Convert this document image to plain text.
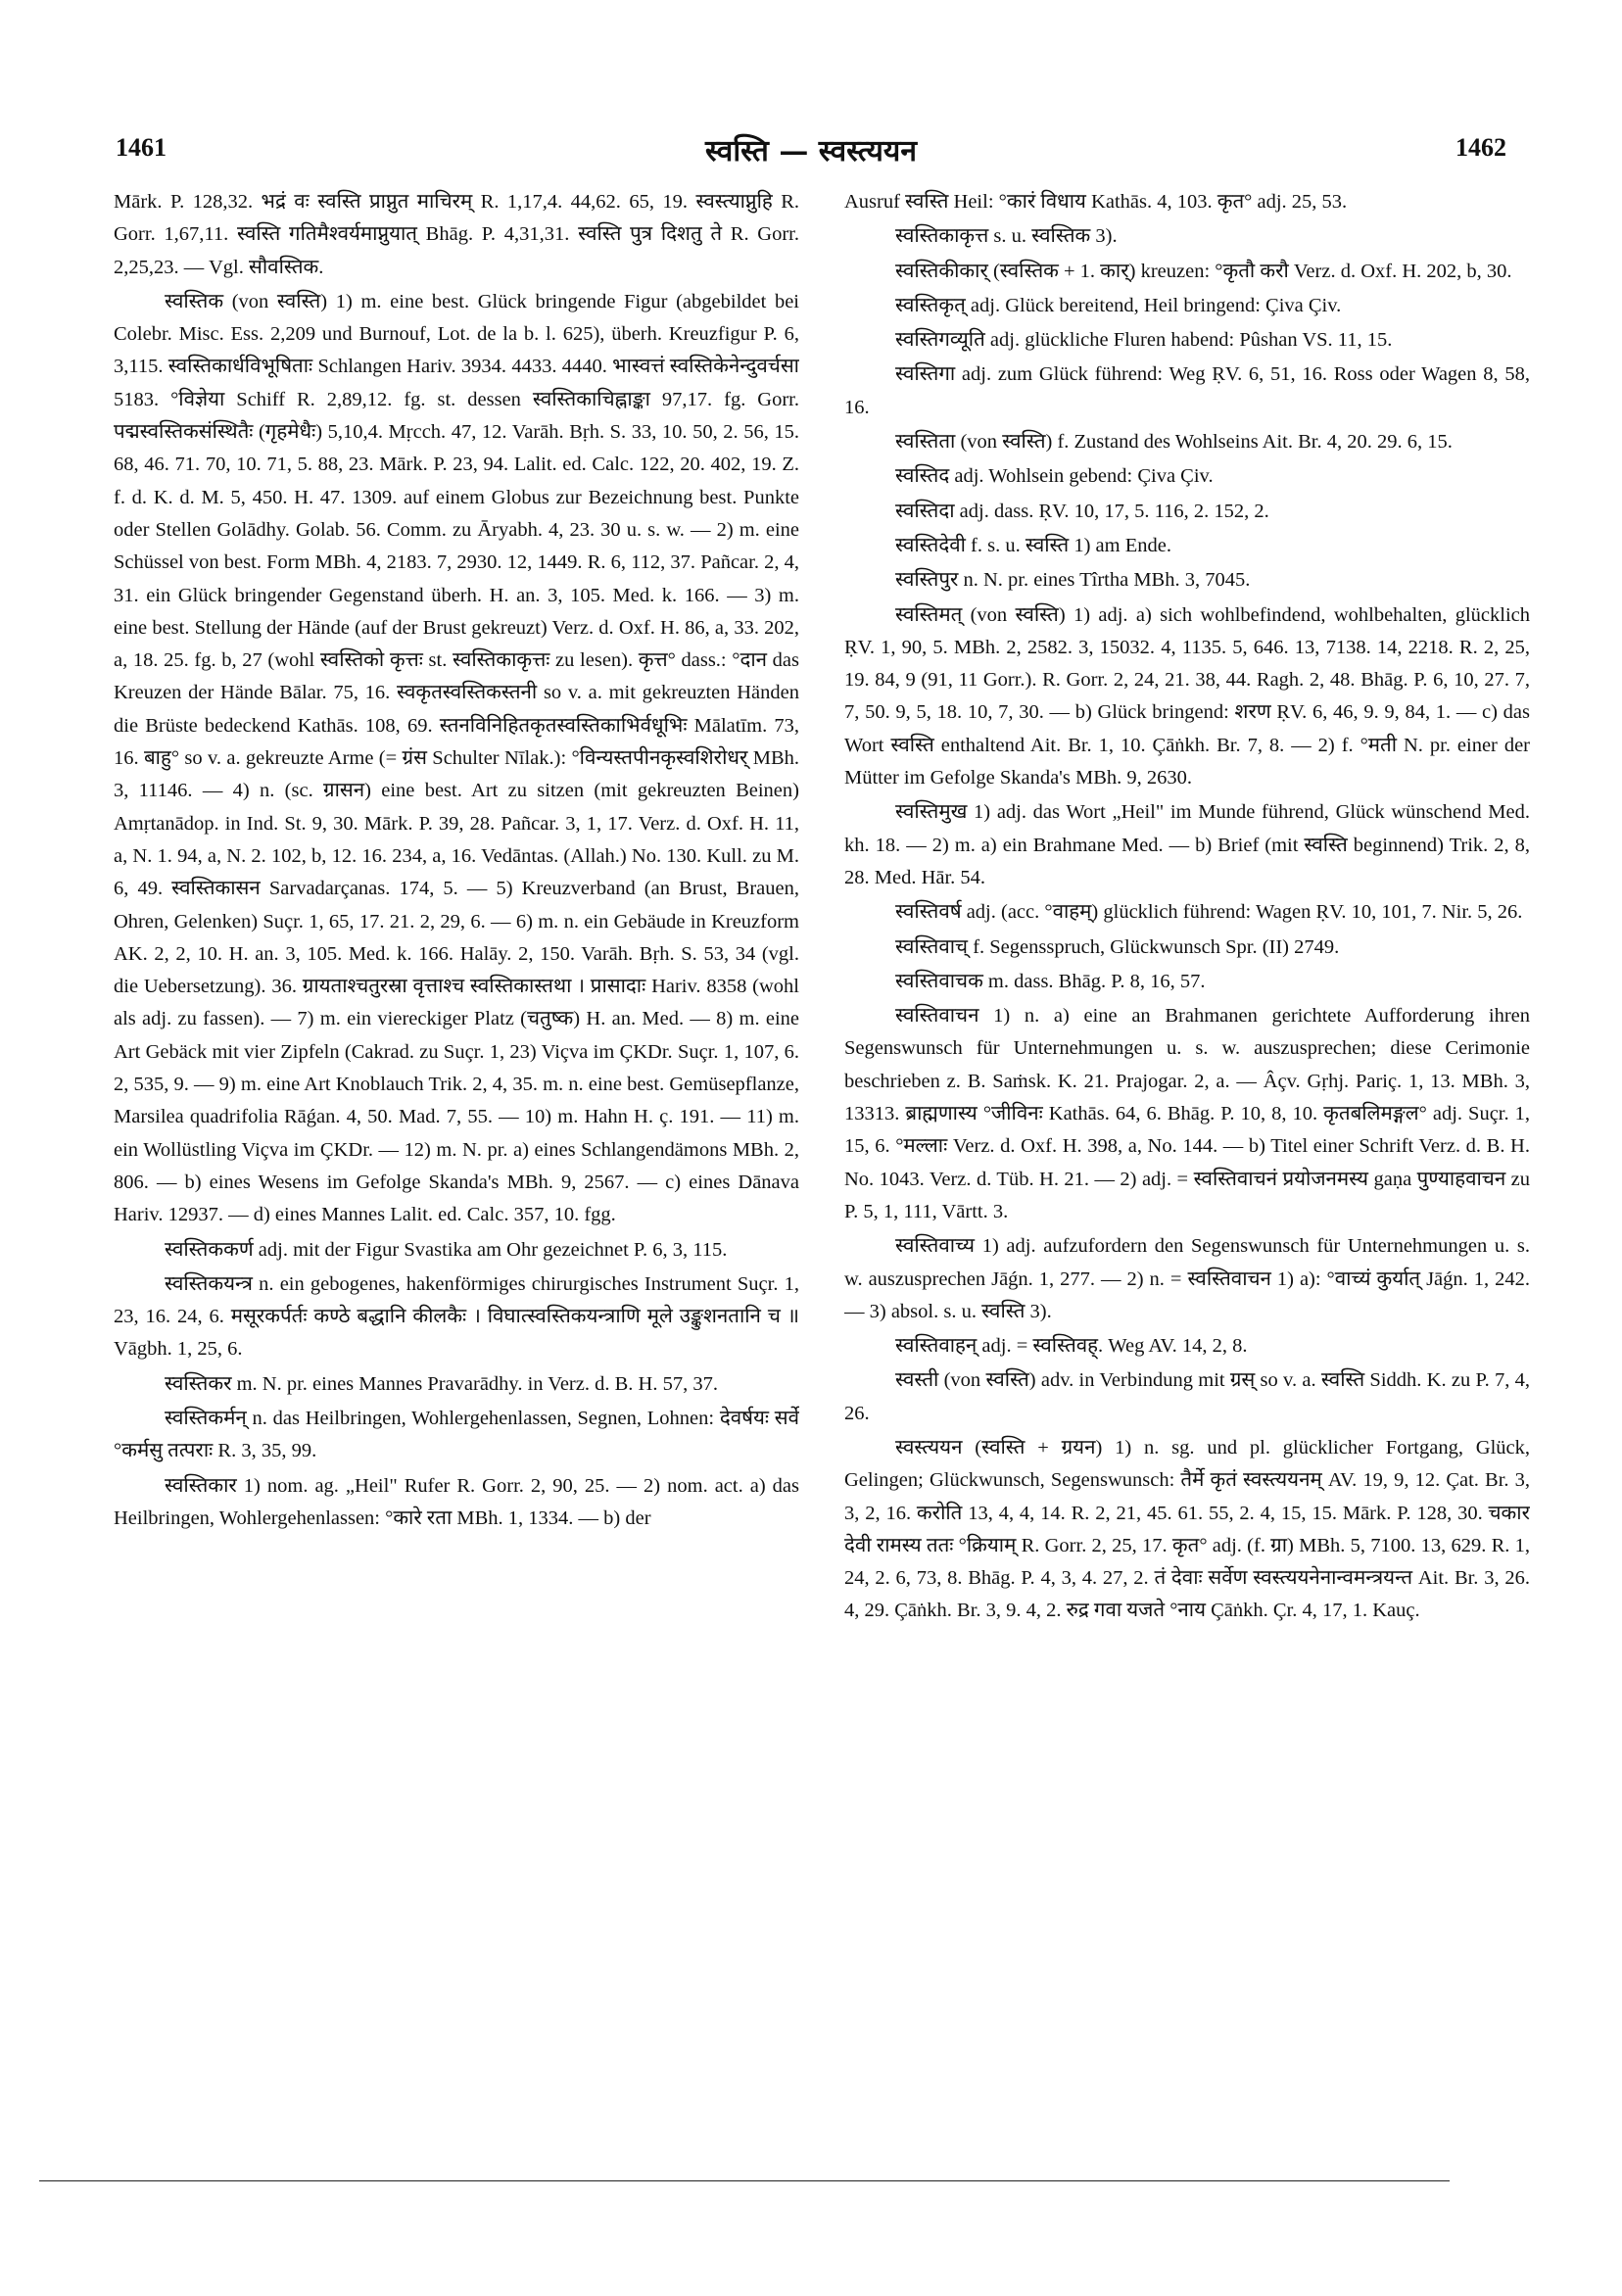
1461	स्वस्ति — स्वस्त्ययन	1462

Mārk. P. 128,32. भद्रं वः स्वस्ति प्राप्नुत माचिरम् R. 1,17,4. 44,62. 65, 19. स्वस्त्याप्नुहि R. Gorr. 1,67,11. स्वस्ति गतिमैश्वर्यमाप्नुयात् Bhāg. P. 4,31,31. स्वस्ति पुत्र दिशतु ते R. Gorr. 2,25,23. — Vgl. सौवस्तिक.

स्वस्तिक (von स्वस्ति) 1) m. eine best. Glück bringende Figur (abgebildet bei Colebr. Misc. Ess. 2,209 und Burnouf, Lot. de la b. l. 625), überh. Kreuzfigur P. 6, 3,115. स्वस्तिकार्धविभूषिताः Schlangen Hariv. 3934. 4433. 4440. भास्वत्तं स्वस्तिकेनेन्दुवर्चसा 5183. °विज्ञेया Schiff R. 2,89,12. fg. st. dessen स्वस्तिकाचिह्नाङ्का 97,17. fg. Gorr. पद्मस्वस्तिकसंस्थितैः (गृहमेधैः) 5,10,4. Mṛcch. 47, 12. Varāh. Bṛh. S. 33, 10. 50, 2. 56, 15. 68, 46. 71. 70, 10. 71, 5. 88, 23. Mārk. P. 23, 94. Lalit. ed. Calc. 122, 20. 402, 19. Z. f. d. K. d. M. 5, 450. H. 47. 1309. auf einem Globus zur Bezeichnung best. Punkte oder Stellen Golādhy. Golab. 56. Comm. zu Āryabh. 4, 23. 30 u. s. w. — 2) m. eine Schüssel von best. Form MBh. 4, 2183. 7, 2930. 12, 1449. R. 6, 112, 37. Pañcar. 2, 4, 31. ein Glück bringender Gegenstand überh. H. an. 3, 105. Med. k. 166. — 3) m. eine best. Stellung der Hände (auf der Brust gekreuzt) Verz. d. Oxf. H. 86, a, 33. 202, a, 18. 25. fg. b, 27 (wohl स्वस्तिको कृत्तः st. स्वस्तिकाकृत्तः zu lesen). कृत्त° dass.: °दान das Kreuzen der Hände Bālar. 75, 16. स्वकृतस्वस्तिकस्तनी so v. a. mit gekreuzten Händen die Brüste bedeckend Kathās. 108, 69. स्तनविनिहितकृतस्वस्तिकाभिर्वधूभिः Mālatīm. 73, 16. बाहु° so v. a. gekreuzte Arme (= ग्रंस Schulter Nīlak.): °विन्यस्तपीनकृस्वशिरोधर् MBh. 3, 11146. — 4) n. (sc. ग्रासन) eine best. Art zu sitzen (mit gekreuzten Beinen) Amṛtanādop. in Ind. St. 9, 30. Mārk. P. 39, 28. Pañcar. 3, 1, 17. Verz. d. Oxf. H. 11, a, N. 1. 94, a, N. 2. 102, b, 12. 16. 234, a, 16. Vedāntas. (Allah.) No. 130. Kull. zu M. 6, 49. स्वस्तिकासन Sarvadarçanas. 174, 5. — 5) Kreuzverband (an Brust, Brauen, Ohren, Gelenken) Suçr. 1, 65, 17. 21. 2, 29, 6. — 6) m. n. ein Gebäude in Kreuzform AK. 2, 2, 10. H. an. 3, 105. Med. k. 166. Halāy. 2, 150. Varāh. Bṛh. S. 53, 34 (vgl. die Uebersetzung). 36. ग्रायताश्चतुरस्रा वृत्ताश्च स्वस्तिकास्तथा । प्रासादाः Hariv. 8358 (wohl als adj. zu fassen). — 7) m. ein viereckiger Platz (चतुष्क) H. an. Med. — 8) m. eine Art Gebäck mit vier Zipfeln (Cakrad. zu Suçr. 1, 23) Viçva im ÇKDr. Suçr. 1, 107, 6. 2, 535, 9. — 9) m. eine Art Knoblauch Trik. 2, 4, 35. m. n. eine best. Gemüsepflanze, Marsilea quadrifolia Rāǵan. 4, 50. Mad. 7, 55. — 10) m. Hahn H. ç. 191. — 11) m. ein Wollüstling Viçva im ÇKDr. — 12) m. N. pr. a) eines Schlangendämons MBh. 2, 806. — b) eines Wesens im Gefolge Skanda's MBh. 9, 2567. — c) eines Dānava Hariv. 12937. — d) eines Mannes Lalit. ed. Calc. 357, 10. fgg.

स्वस्तिककर्ण adj. mit der Figur Svastika am Ohr gezeichnet P. 6, 3, 115.

स्वस्तिकयन्त्र n. ein gebogenes, hakenförmiges chirurgisches Instrument Suçr. 1, 23, 16. 24, 6. मसूरकर्पर्तः कण्ठे बद्धानि कीलकैः । विघात्स्वस्तिकयन्त्राणि मूले उङ्कुशनतानि च ॥ Vāgbh. 1, 25, 6.

स्वस्तिकर m. N. pr. eines Mannes Pravarādhy. in Verz. d. B. H. 57, 37.

स्वस्तिकर्मन् n. das Heilbringen, Wohlergehenlassen, Segnen, Lohnen: देवर्षयः सर्वे °कर्मसु तत्पराः R. 3, 35, 99.

स्वस्तिकार 1) nom. ag. „Heil" Rufer R. Gorr. 2, 90, 25. — 2) nom. act. a) das Heilbringen, Wohlergehenlassen: °कारे रता MBh. 1, 1334. — b) der

Ausruf स्वस्ति Heil: °कारं विधाय Kathās. 4, 103. कृत° adj. 25, 53.

स्वस्तिकाकृत्त s. u. स्वस्तिक 3).

स्वस्तिकीकार् (स्वस्तिक + 1. कार्) kreuzen: °कृतौ करौ Verz. d. Oxf. H. 202, b, 30.

स्वस्तिकृत् adj. Glück bereitend, Heil bringend: Çiva Çiv.

स्वस्तिगव्यूति adj. glückliche Fluren habend: Pûshan VS. 11, 15.

स्वस्तिगा adj. zum Glück führend: Weg ṚV. 6, 51, 16. Ross oder Wagen 8, 58, 16.

स्वस्तिता (von स्वस्ति) f. Zustand des Wohlseins Ait. Br. 4, 20. 29. 6, 15.

स्वस्तिद adj. Wohlsein gebend: Çiva Çiv.

स्वस्तिदा adj. dass. ṚV. 10, 17, 5. 116, 2. 152, 2.

स्वस्तिदेवी f. s. u. स्वस्ति 1) am Ende.

स्वस्तिपुर n. N. pr. eines Tîrtha MBh. 3, 7045.

स्वस्तिमत् (von स्वस्ति) 1) adj. a) sich wohlbefindend, wohlbehalten, glücklich ṚV. 1, 90, 5. MBh. 2, 2582. 3, 15032. 4, 1135. 5, 646. 13, 7138. 14, 2218. R. 2, 25, 19. 84, 9 (91, 11 Gorr.). R. Gorr. 2, 24, 21. 38, 44. Ragh. 2, 48. Bhāg. P. 6, 10, 27. 7, 7, 50. 9, 5, 18. 10, 7, 30. — b) Glück bringend: शरण ṚV. 6, 46, 9. 9, 84, 1. — c) das Wort स्वस्ति enthaltend Ait. Br. 1, 10. Çāṅkh. Br. 7, 8. — 2) f. °मती N. pr. einer der Mütter im Gefolge Skanda's MBh. 9, 2630.

स्वस्तिमुख 1) adj. das Wort „Heil" im Munde führend, Glück wünschend Med. kh. 18. — 2) m. a) ein Brahmane Med. — b) Brief (mit स्वस्ति beginnend) Trik. 2, 8, 28. Med. Hār. 54.

स्वस्तिवर्ष adj. (acc. °वाहम्) glücklich führend: Wagen ṚV. 10, 101, 7. Nir. 5, 26.

स्वस्तिवाच् f. Segensspruch, Glückwunsch Spr. (II) 2749.

स्वस्तिवाचक m. dass. Bhāg. P. 8, 16, 57.

स्वस्तिवाचन 1) n. a) eine an Brahmanen gerichtete Aufforderung ihren Segenswunsch für Unternehmungen u. s. w. auszusprechen; diese Cerimonie beschrieben z. B. Saṁsk. K. 21. Prajogar. 2, a. — Âçv. Gṛhj. Pariç. 1, 13. MBh. 3, 13313. ब्राह्मणास्य °जीविनः Kathās. 64, 6. Bhāg. P. 10, 8, 10. कृतबलिमङ्गल° adj. Suçr. 1, 15, 6. °मल्लाः Verz. d. Oxf. H. 398, a, No. 144. — b) Titel einer Schrift Verz. d. B. H. No. 1043. Verz. d. Tüb. H. 21. — 2) adj. = स्वस्तिवाचनं प्रयोजनमस्य gaṇa पुण्याहवाचन zu P. 5, 1, 111, Vārtt. 3.

स्वस्तिवाच्य 1) adj. aufzufordern den Segenswunsch für Unternehmungen u. s. w. auszusprechen Jāǵn. 1, 277. — 2) n. = स्वस्तिवाचन 1) a): °वाच्यं कुर्यात् Jāǵn. 1, 242. — 3) absol. s. u. स्वस्ति 3).

स्वस्तिवाहन् adj. = स्वस्तिवह्. Weg AV. 14, 2, 8.

स्वस्ती (von स्वस्ति) adv. in Verbindung mit ग्रस् so v. a. स्वस्ति Siddh. K. zu P. 7, 4, 26.

स्वस्त्ययन (स्वस्ति + ग्रयन) 1) n. sg. und pl. glücklicher Fortgang, Glück, Gelingen; Glückwunsch, Segenswunsch: तैर्मे कृतं स्वस्त्ययनम् AV. 19, 9, 12. Çat. Br. 3, 3, 2, 16. करोति 13, 4, 4, 14. R. 2, 21, 45. 61. 55, 2. 4, 15, 15. Mārk. P. 128, 30. चकार देवी रामस्य ततः °क्रियाम् R. Gorr. 2, 25, 17. कृत° adj. (f. ग्रा) MBh. 5, 7100. 13, 629. R. 1, 24, 2. 6, 73, 8. Bhāg. P. 4, 3, 4. 27, 2. तं देवाः सर्वेण स्वस्त्ययनेनान्वमन्त्रयन्त Ait. Br. 3, 26. 4, 29. Çāṅkh. Br. 3, 9. 4, 2. रुद्र गवा यजते °नाय Çāṅkh. Çr. 4, 17, 1. Kauç.
